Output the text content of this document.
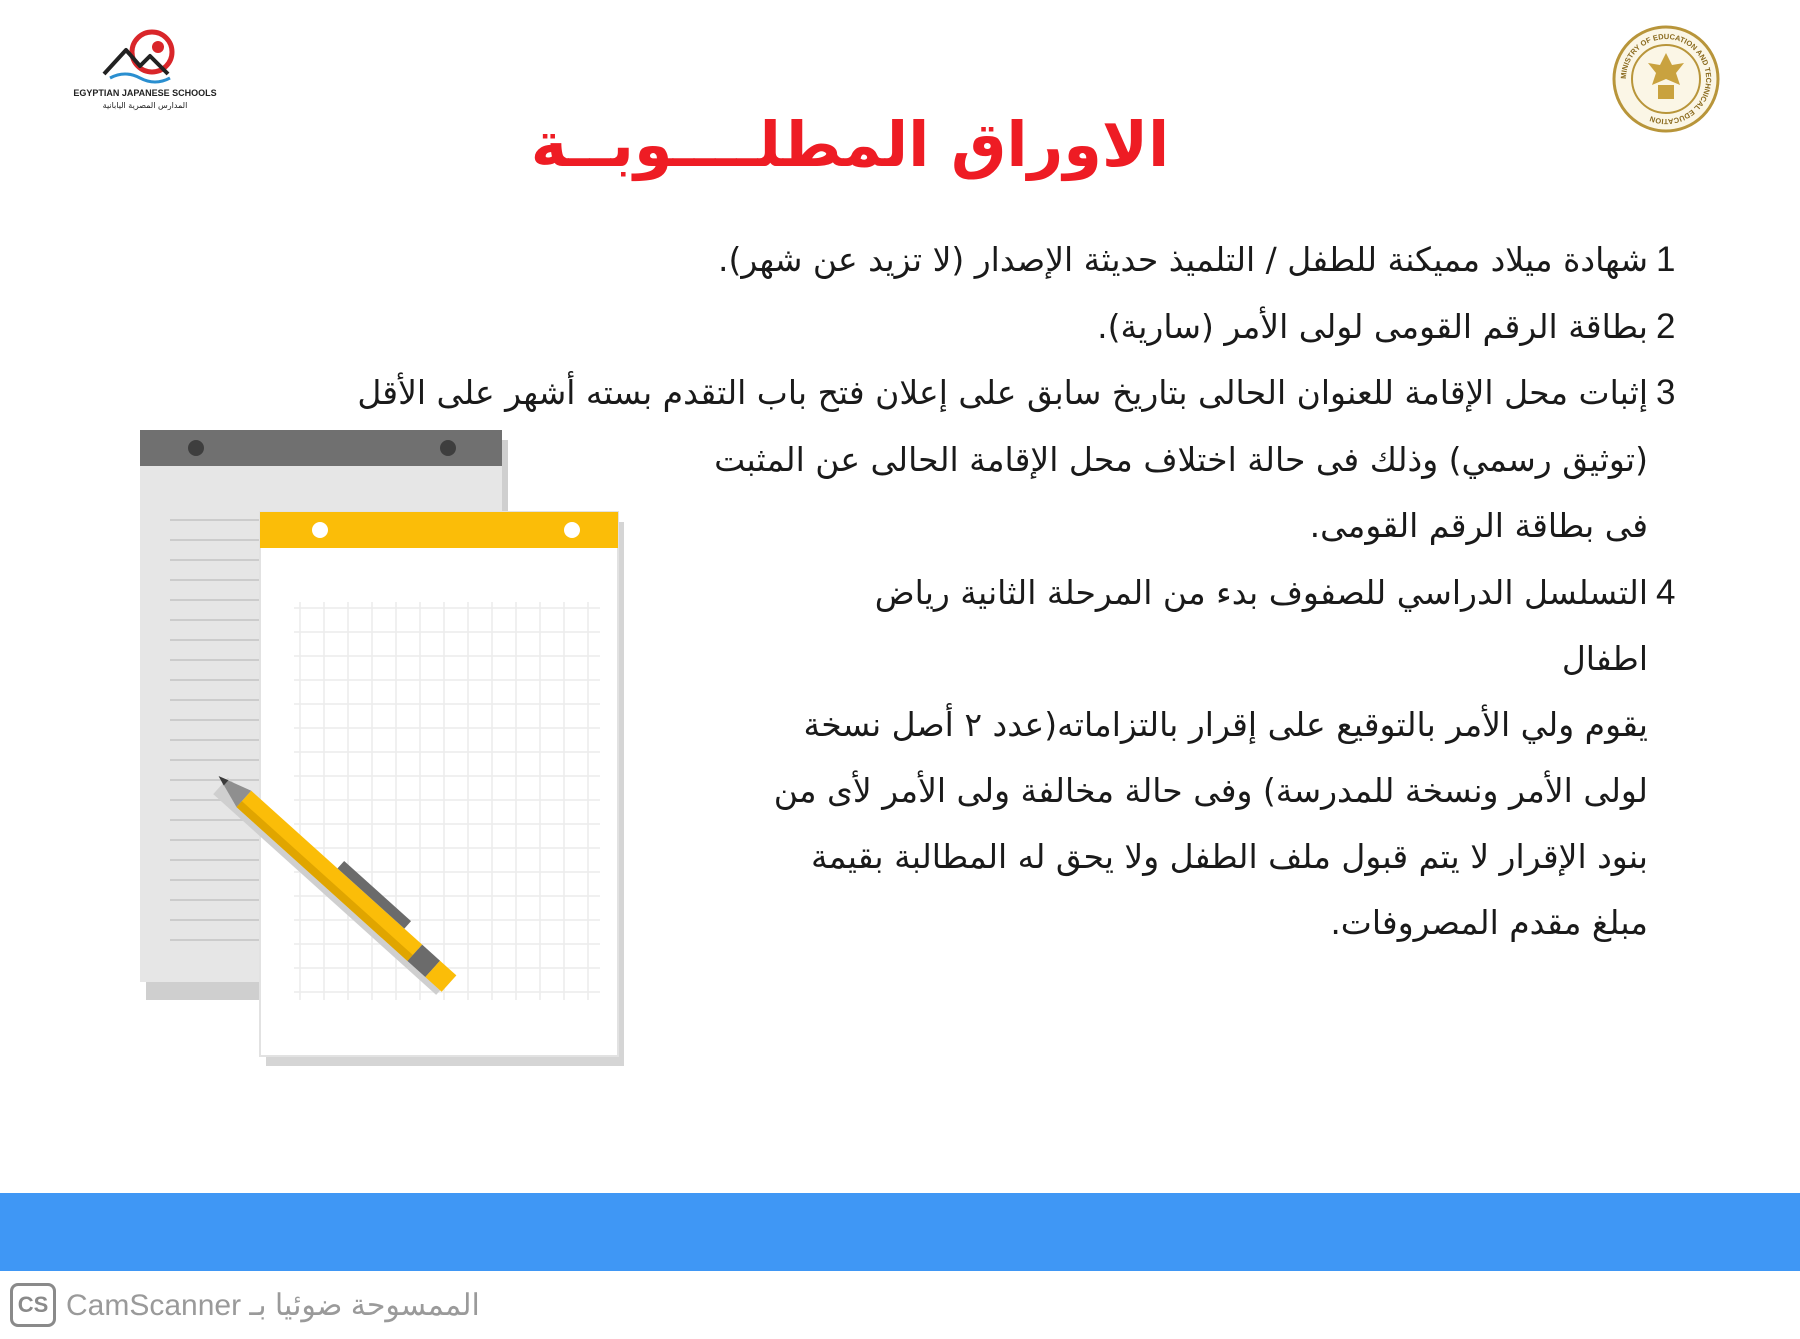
EGYPTIAN JAPANESE SCHOOLS
المدارس المصرية اليابانية
MINISTRY OF EDUCATION AND TECHNICAL EDUCATION
الاوراق المطلــــوبــة
1
شهادة ميلاد مميكنة للطفل / التلميذ حديثة الإصدار (لا تزيد عن شهر).
2
بطاقة الرقم القومى لولى الأمر (سارية).
3
إثبات محل الإقامة للعنوان الحالى بتاريخ سابق على إعلان فتح باب التقدم بسته أشهر على الأقل
(توثيق رسمي) وذلك فى حالة اختلاف محل الإقامة الحالى عن المثبت
فى بطاقة الرقم القومى.
4
التسلسل الدراسي للصفوف بدء من المرحلة الثانية رياض
اطفال
يقوم ولي الأمر بالتوقيع على إقرار بالتزاماته(عدد ٢ أصل نسخة
لولى الأمر ونسخة للمدرسة) وفى حالة مخالفة ولى الأمر لأى من
بنود الإقرار لا يتم قبول ملف الطفل ولا يحق له المطالبة بقيمة
مبلغ مقدم المصروفات.
CS الممسوحة ضوئيا بـ CamScanner
